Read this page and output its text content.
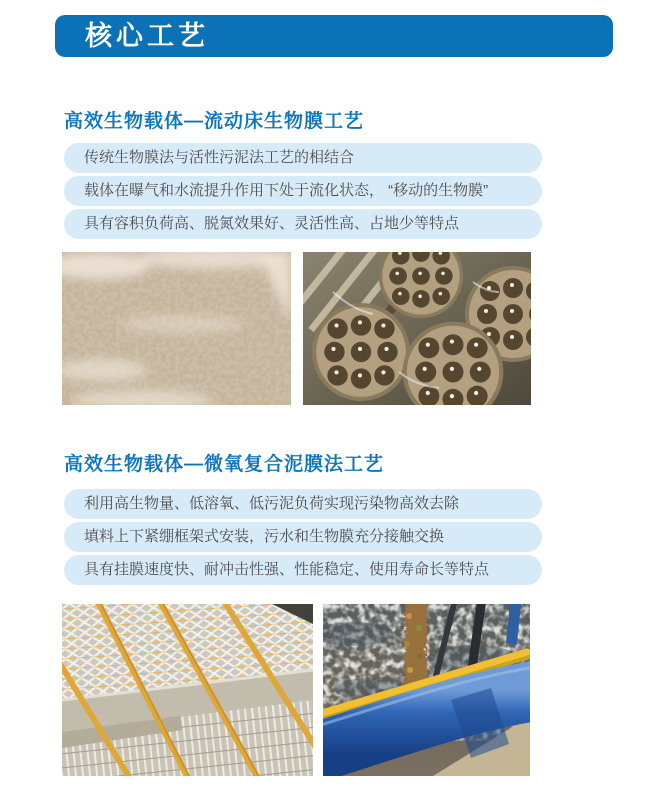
核心工艺
高效生物载体—流动床生物膜工艺
传统生物膜法与活性污泥法工艺的相结合
载体在曝气和水流提升作用下处于流化状态， “移动的生物膜”
具有容积负荷高、脱氮效果好、灵活性高、占地少等特点
高效生物载体—微氧复合泥膜法工艺
利用高生物量、低溶氧、低污泥负荷实现污染物高效去除
填料上下紧绷框架式安装，污水和生物膜充分接触交换
具有挂膜速度快、耐冲击性强、性能稳定、使用寿命长等特点
